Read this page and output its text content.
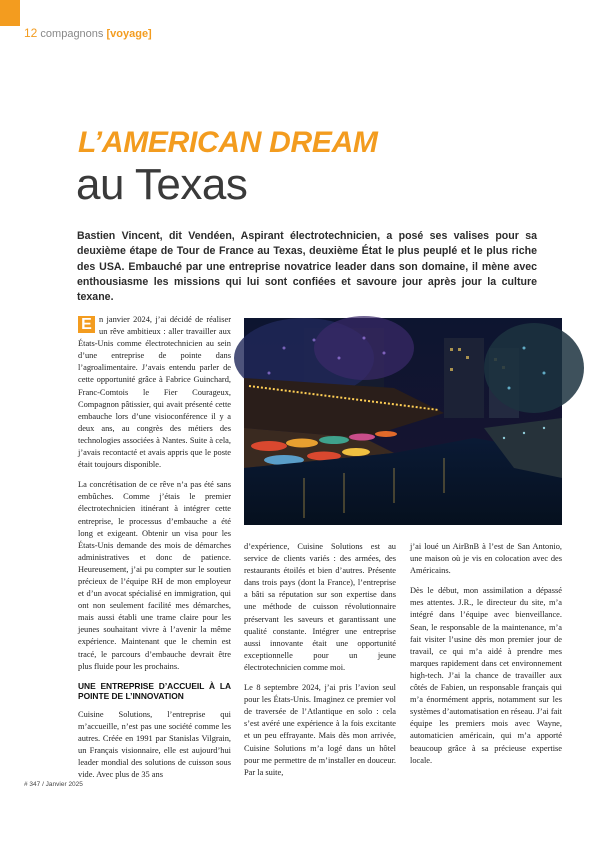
12 compagnons [voyage]
L’AMERICAN DREAM
au Texas
Bastien Vincent, dit Vendéen, Aspirant électrotechnicien, a posé ses valises pour sa deuxième étape de Tour de France au Texas, deuxième État le plus peuplé et le plus riche des USA. Embauché par une entreprise novatrice leader dans son domaine, il mène avec enthousiasme les missions qui lui sont confiées et savoure jour après jour la culture texane.

E n janvier 2024, j’ai décidé de réaliser un rêve ambitieux : aller travailler aux États-Unis comme électrotechnicien au sein d’une entreprise de pointe dans l’agroalimentaire. J’avais entendu parler de cette opportunité grâce à Fabrice Guinchard, Franc-Comtois le Fier Courageux, Compagnon pâtissier, qui avait présenté cette embauche lors d’une visioconférence il y a deux ans, au congrès des métiers des technologies associées à Nantes. Suite à cela, j’avais recontacté et avais appris que le poste était toujours disponible.

La concrétisation de ce rêve n’a pas été sans embûches. Comme j’étais le premier électrotechnicien itinérant à intégrer cette entreprise, le processus d’embauche a été long et exigeant. Obtenir un visa pour les États-Unis demande des mois de démarches administratives et donc de patience. Heureusement, j’ai pu compter sur le soutien précieux de l’équipe RH de mon employeur et d’un avocat spécialisé en immigration, qui ont non seulement facilité mes démarches, mais aussi établi une trame claire pour les jeunes souhaitant vivre à l’avenir la même expérience. Maintenant que le chemin est tracé, le parcours d’embauche devrait être plus fluide pour les prochains.

UNE ENTREPRISE D’ACCUEIL À LA POINTE DE L’INNOVATION

Cuisine Solutions, l’entreprise qui m’accueille, n’est pas une société comme les autres. Créée en 1991 par Stanislas Vilgrain, un Français visionnaire, elle est aujourd’hui leader mondial des solutions de cuisson sous vide. Avec plus de 35 ans

La RiverWalk de San-Antonio, à la période de Noël.

d’expérience, Cuisine Solutions est au service de clients variés : des armées, des restaurants étoilés et bien d’autres. Présente dans trois pays (dont la France), l’entreprise a bâti sa réputation sur son expertise dans une méthode de cuisson révolutionnaire préservant les saveurs et garantissant une qualité constante. Intégrer une entreprise aussi innovante était une opportunité exceptionnelle pour un jeune électrotechnicien comme moi.

Le 8 septembre 2024, j’ai pris l’avion seul pour les États-Unis. Imaginez ce premier vol de traversée de l’Atlantique en solo : cela s’est avéré une expérience à la fois excitante et un peu effrayante. Mais dès mon arrivée, Cuisine Solutions m’a logé dans un hôtel pour me permettre de m’installer en douceur. Par la suite,

j’ai loué un AirBnB à l’est de San Antonio, une maison où je vis en colocation avec des Américains.

Dès le début, mon assimilation a dépassé mes attentes. J.R., le directeur du site, m’a intégré dans l’équipe avec bienveillance. Sean, le responsable de la maintenance, m’a fait visiter l’usine dès mon premier jour de travail, ce qui m’a aidé à prendre mes marques rapidement dans cet environnement high-tech. J’ai la chance de travailler aux côtés de Fabien, un responsable français qui m’a énormément appris, notamment sur les systèmes d’automatisation en réseau. J’ai fait équipe les premiers mois avec Wayne, automaticien américain, qui m’a apporté beaucoup grâce à sa précieuse expertise locale.

# 347 / Janvier 2025
